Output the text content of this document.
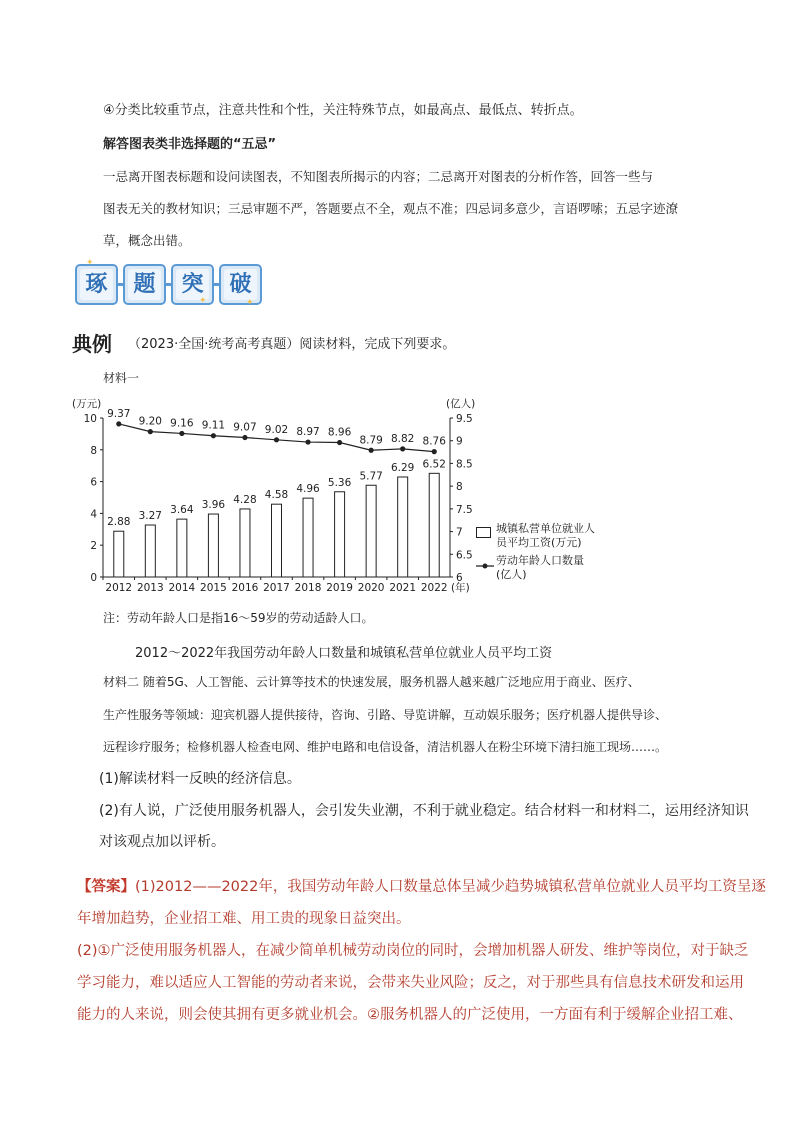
④分类比较重节点，注意共性和个性，关注特殊节点，如最高点、最低点、转折点。
解答图表类非选择题的“五忌”
一忌离开图表标题和设问读图表，不知图表所揭示的内容；二忌离开对图表的分析作答，回答一些与
图表无关的教材知识；三忌审题不严，答题要点不全，观点不准；四忌词多意少，言语啰嗦；五忌字迹潦
草，概念出错。
琢	题	突	破
✦
✦
✦
典例 （2023·全国·统考高考真题）阅读材料，完成下列要求。
材料一
0
2
4
6
8
10
6
6.5
7
7.5
8
8.5
9
9.5
(万元)	(亿人)
(年)
2012 2013 2014 2015 2016 2017 2018 2019 2020 2021 2022
2.88
3.27 3.64 3.96 4.28 4.58
4.96
5.36
5.77
6.29 6.52
9.37
9.20 9.16 9.11 9.07 9.02 8.97 8.96
8.79 8.82 8.76
城镇私营单位就业人
员平均工资(万元)
劳动年龄人口数量
(亿人)
注：劳动年龄人口是指16～59岁的劳动适龄人口。
2012～2022年我国劳动年龄人口数量和城镇私营单位就业人员平均工资
材料二 随着5G、人工智能、云计算等技术的快速发展，服务机器人越来越广泛地应用于商业、医疗、
生产性服务等领域：迎宾机器人提供接待，咨询、引路、导览讲解，互动娱乐服务；医疗机器人提供导诊、
远程诊疗服务；检修机器人检查电网、维护电路和电信设备，清洁机器人在粉尘环境下清扫施工现场……。
(1)解读材料一反映的经济信息。
(2)有人说，广泛使用服务机器人，会引发失业潮，不利于就业稳定。结合材料一和材料二，运用经济知识
对该观点加以评析。
【答案】(1)2012——2022年，我国劳动年龄人口数量总体呈减少趋势城镇私营单位就业人员平均工资呈逐
年增加趋势，企业招工难、用工贵的现象日益突出。
(2)①广泛使用服务机器人，在减少简单机械劳动岗位的同时，会增加机器人研发、维护等岗位，对于缺乏
学习能力，难以适应人工智能的劳动者来说，会带来失业风险；反之，对于那些具有信息技术研发和运用
能力的人来说，则会使其拥有更多就业机会。②服务机器人的广泛使用，一方面有利于缓解企业招工难、
